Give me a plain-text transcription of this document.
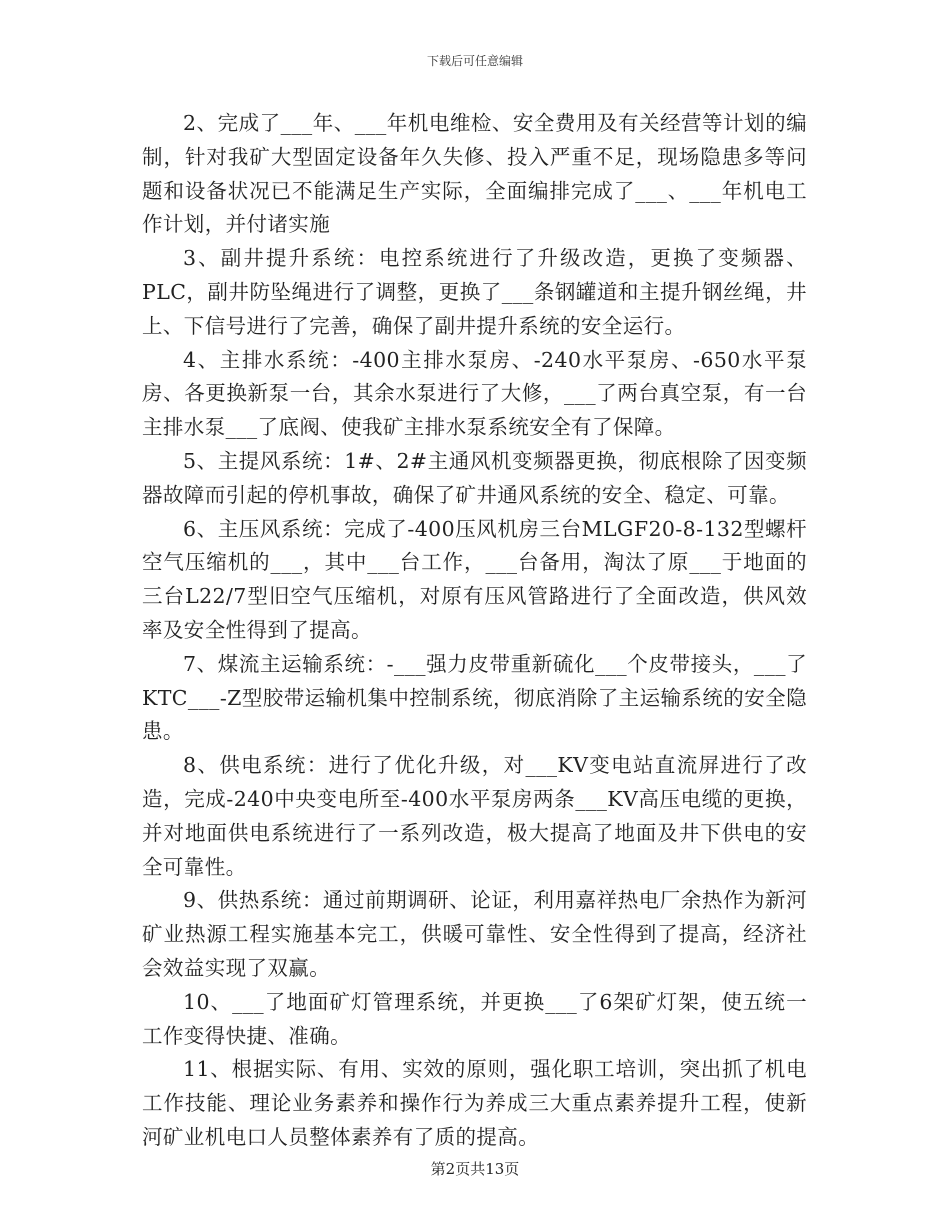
下载后可任意编辑

2、完成了___年、___年机电维检、安全费用及有关经营等计划的编制，针对我矿大型固定设备年久失修、投入严重不足，现场隐患多等问题和设备状况已不能满足生产实际，全面编排完成了___、___年机电工作计划，并付诸实施

3、副井提升系统：电控系统进行了升级改造，更换了变频器、PLC，副井防坠绳进行了调整，更换了___条钢罐道和主提升钢丝绳，井上、下信号进行了完善，确保了副井提升系统的安全运行。

4、主排水系统：-400主排水泵房、-240水平泵房、-650水平泵房、各更换新泵一台，其余水泵进行了大修，___了两台真空泵，有一台主排水泵___了底阀、使我矿主排水泵系统安全有了保障。

5、主提风系统：1#、2#主通风机变频器更换，彻底根除了因变频器故障而引起的停机事故，确保了矿井通风系统的安全、稳定、可靠。

6、主压风系统：完成了-400压风机房三台MLGF20-8-132型螺杆空气压缩机的___，其中___台工作，___台备用，淘汰了原___于地面的三台L22/7型旧空气压缩机，对原有压风管路进行了全面改造，供风效率及安全性得到了提高。

7、煤流主运输系统：-___强力皮带重新硫化___个皮带接头，___了KTC___-Z型胶带运输机集中控制系统，彻底消除了主运输系统的安全隐患。

8、供电系统：进行了优化升级，对___KV变电站直流屏进行了改造，完成-240中央变电所至-400水平泵房两条___KV高压电缆的更换，并对地面供电系统进行了一系列改造，极大提高了地面及井下供电的安全可靠性。

9、供热系统：通过前期调研、论证，利用嘉祥热电厂余热作为新河矿业热源工程实施基本完工，供暖可靠性、安全性得到了提高，经济社会效益实现了双赢。

10、___了地面矿灯管理系统，并更换___了6架矿灯架，使五统一工作变得快捷、准确。

11、根据实际、有用、实效的原则，强化职工培训，突出抓了机电工作技能、理论业务素养和操作行为养成三大重点素养提升工程，使新河矿业机电口人员整体素养有了质的提高。

第2页共13页
